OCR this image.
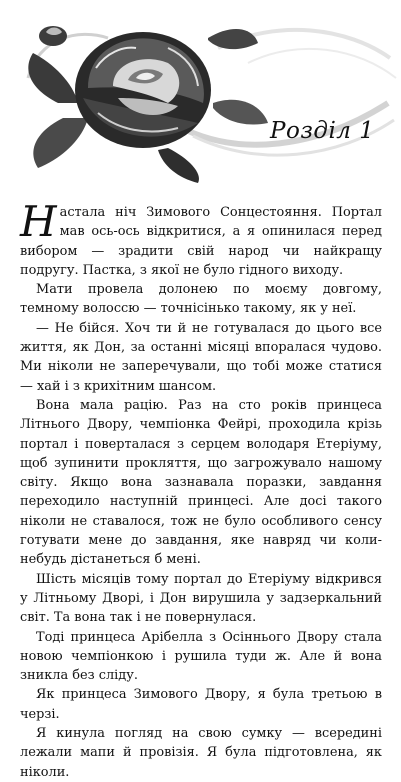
Розділ 1

Настала ніч Зимового Сонцестояння. Портал мав ось-ось відкритися, а я опинилася перед вибором — зрадити свій народ чи найкращу подругу. Пастка, з якої не було гідного виходу.

Мати провела долонею по моєму довгому, темному волоссю — точнісінько такому, як у неї.

— Не бійся. Хоч ти й не готувалася до цього все життя, як Дон, за останні місяці впоралася чудово. Ми ніколи не заперечували, що тобі може статися — хай і з крихітним шансом.

Вона мала рацію. Раз на сто років принцеса Літнього Двору, чемпіонка Фейрі, проходила крізь портал і поверталася з серцем володаря Етеріуму, щоб зупинити прокляття, що загрожувало нашому світу. Якщо вона зазнавала поразки, завдання переходило наступній принцесі. Але досі такого ніколи не ставалося, тож не було особливого сенсу готувати мене до завдання, яке навряд чи коли-небудь дістанеться б мені.

Шість місяців тому портал до Етеріуму відкрився у Літньому Дворі, і Дон вирушила у задзеркальний світ. Та вона так і не повернулася.

Тоді принцеса Арібелла з Осіннього Двору стала новою чемпіонкою і рушила туди ж. Але й вона зникла без сліду.

Як принцеса Зимового Двору, я була третьою в черзі.

Я кинула погляд на свою сумку — всередині лежали мапи й провізія. Я була підготовлена, як ніколи.
